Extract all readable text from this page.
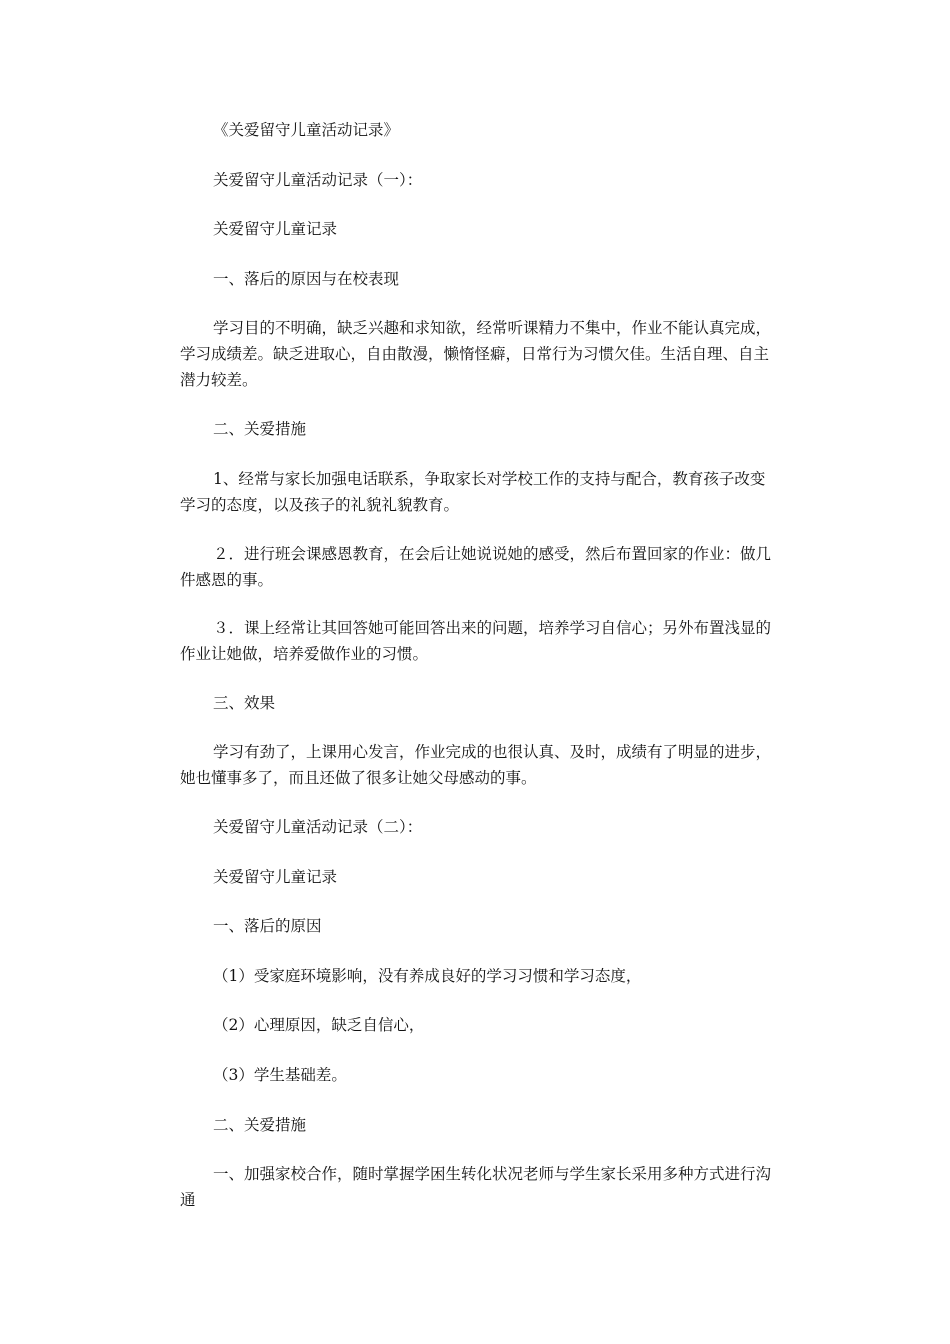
《关爱留守儿童活动记录》

关爱留守儿童活动记录（一）：

关爱留守儿童记录

一、落后的原因与在校表现

学习目的不明确，缺乏兴趣和求知欲，经常听课精力不集中，作业不能认真完成，学习成绩差。缺乏进取心，自由散漫，懒惰怪癖，日常行为习惯欠佳。生活自理、自主潜力较差。

二、关爱措施

1、经常与家长加强电话联系，争取家长对学校工作的支持与配合，教育孩子改变学习的态度，以及孩子的礼貌礼貌教育。

２．进行班会课感恩教育，在会后让她说说她的感受，然后布置回家的作业：做几件感恩的事。

３．课上经常让其回答她可能回答出来的问题，培养学习自信心；另外布置浅显的作业让她做，培养爱做作业的习惯。

三、效果

学习有劲了，上课用心发言，作业完成的也很认真、及时，成绩有了明显的进步，她也懂事多了，而且还做了很多让她父母感动的事。

关爱留守儿童活动记录（二）：

关爱留守儿童记录

一、落后的原因

（1）受家庭环境影响，没有养成良好的学习习惯和学习态度，

（2）心理原因，缺乏自信心，

（3）学生基础差。

二、关爱措施

一、加强家校合作，随时掌握学困生转化状况老师与学生家长采用多种方式进行沟通
